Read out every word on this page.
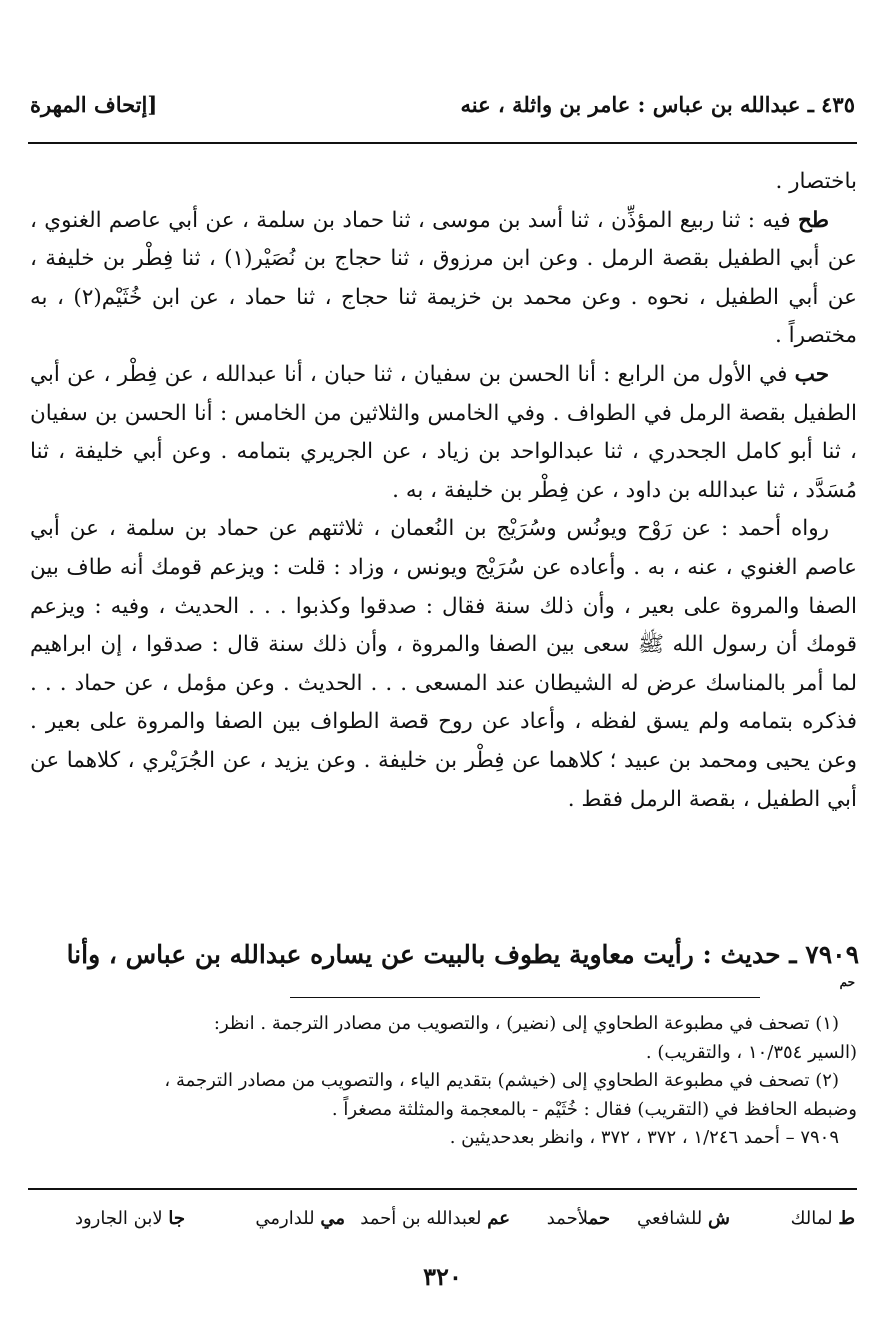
٤٣٥ ـ عبدالله بن عباس : عامر بن واثلة ، عنه
[إتحاف المهرة

باختصار .

طح فيه : ثنا ربيع المؤذِّن ، ثنا أسد بن موسى ، ثنا حماد بن سلمة ، عن أبي عاصم الغنوي ، عن أبي الطفيل بقصة الرمل . وعن ابن مرزوق ، ثنا حجاج بن نُصَيْر(١) ، ثنا فِطْر بن خليفة ، عن أبي الطفيل ، نحوه . وعن محمد بن خزيمة ثنا حجاج ، ثنا حماد ، عن ابن خُثَيْم(٢) ، به مختصراً .

حب في الأول من الرابع : أنا الحسن بن سفيان ، ثنا حبان ، أنا عبدالله ، عن فِطْر ، عن أبي الطفيل بقصة الرمل في الطواف . وفي الخامس والثلاثين من الخامس : أنا الحسن بن سفيان ، ثنا أبو كامل الجحدري ، ثنا عبدالواحد بن زياد ، عن الجريري بتمامه . وعن أبي خليفة ، ثنا مُسَدَّد ، ثنا عبدالله بن داود ، عن فِطْر بن خليفة ، به .

رواه أحمد : عن رَوْح ويونُس وسُرَيْج بن النُعمان ، ثلاثتهم عن حماد بن سلمة ، عن أبي عاصم الغنوي ، عنه ، به . وأعاده عن سُرَيْج ويونس ، وزاد : قلت : ويزعم قومك أنه طاف بين الصفا والمروة على بعير ، وأن ذلك سنة فقال : صدقوا وكذبوا . . . الحديث ، وفيه : ويزعم قومك أن رسول الله ﷺ سعى بين الصفا والمروة ، وأن ذلك سنة قال : صدقوا ، إن ابراهيم لما أمر بالمناسك عرض له الشيطان عند المسعى . . . الحديث . وعن مؤمل ، عن حماد . . . فذكره بتمامه ولم يسق لفظه ، وأعاد عن روح قصة الطواف بين الصفا والمروة على بعير . وعن يحيى ومحمد بن عبيد ؛ كلاهما عن فِطْر بن خليفة . وعن يزيد ، عن الجُرَيْري ، كلاهما عن أبي الطفيل ، بقصة الرمل فقط .

٧٩٠٩ ـ حديث : رأيت معاوية يطوف بالبيت عن يساره عبدالله بن عباس ، وأنا
حم

(١) تصحف في مطبوعة الطحاوي إلى (نضير) ، والتصويب من مصادر الترجمة . انظر:

(السير ١٠/٣٥٤ ، والتقريب) .

(٢) تصحف في مطبوعة الطحاوي إلى (خيشم) بتقديم الياء ، والتصويب من مصادر الترجمة ،

وضبطه الحافظ في (التقريب) فقال : خُثَيْم - بالمعجمة والمثلثة مصغراً .

٧٩٠٩ – أحمد ١/٢٤٦ ، ٣٧٢ ، ٣٧٢ ، وانظر بعدحديثين .

ط لمالك
ش للشافعي
حملأحمد
عم لعبدالله بن أحمد
مي للدارمي
جا لابن الجارود
٣٢٠
